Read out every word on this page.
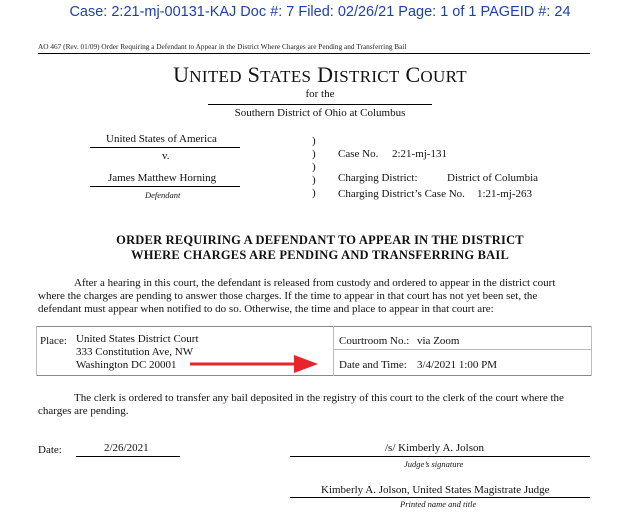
Case: 2:21-mj-00131-KAJ Doc #: 7 Filed: 02/26/21 Page: 1 of 1 PAGEID #: 24
AO 467 (Rev. 01/09) Order Requiring a Defendant to Appear in the District Where Charges are Pending and Transferring Bail
UNITED STATES DISTRICT COURT
for the
Southern District of Ohio at Columbus
United States of America
v.
James Matthew Horning
Defendant
)
)
)
)
)
Case No. 2:21-mj-131
Charging District:	District of Columbia
Charging District’s Case No. 1:21-mj-263
ORDER REQUIRING A DEFENDANT TO APPEAR IN THE DISTRICT
WHERE CHARGES ARE PENDING AND TRANSFERRING BAIL
After a hearing in this court, the defendant is released from custody and ordered to appear in the district court
where the charges are pending to answer those charges. If the time to appear in that court has not yet been set, the
defendant must appear when notified to do so. Otherwise, the time and place to appear in that court are:
Place: United States District Court
333 Constitution Ave, NW
Washington DC 20001
Courtroom No.: via Zoom
Date and Time: 3/4/2021 1:00 PM
The clerk is ordered to transfer any bail deposited in the registry of this court to the clerk of the court where the
charges are pending.
Date:	2/26/2021	/s/ Kimberly A. Jolson
Judge’s signature
Kimberly A. Jolson, United States Magistrate Judge
Printed name and title
